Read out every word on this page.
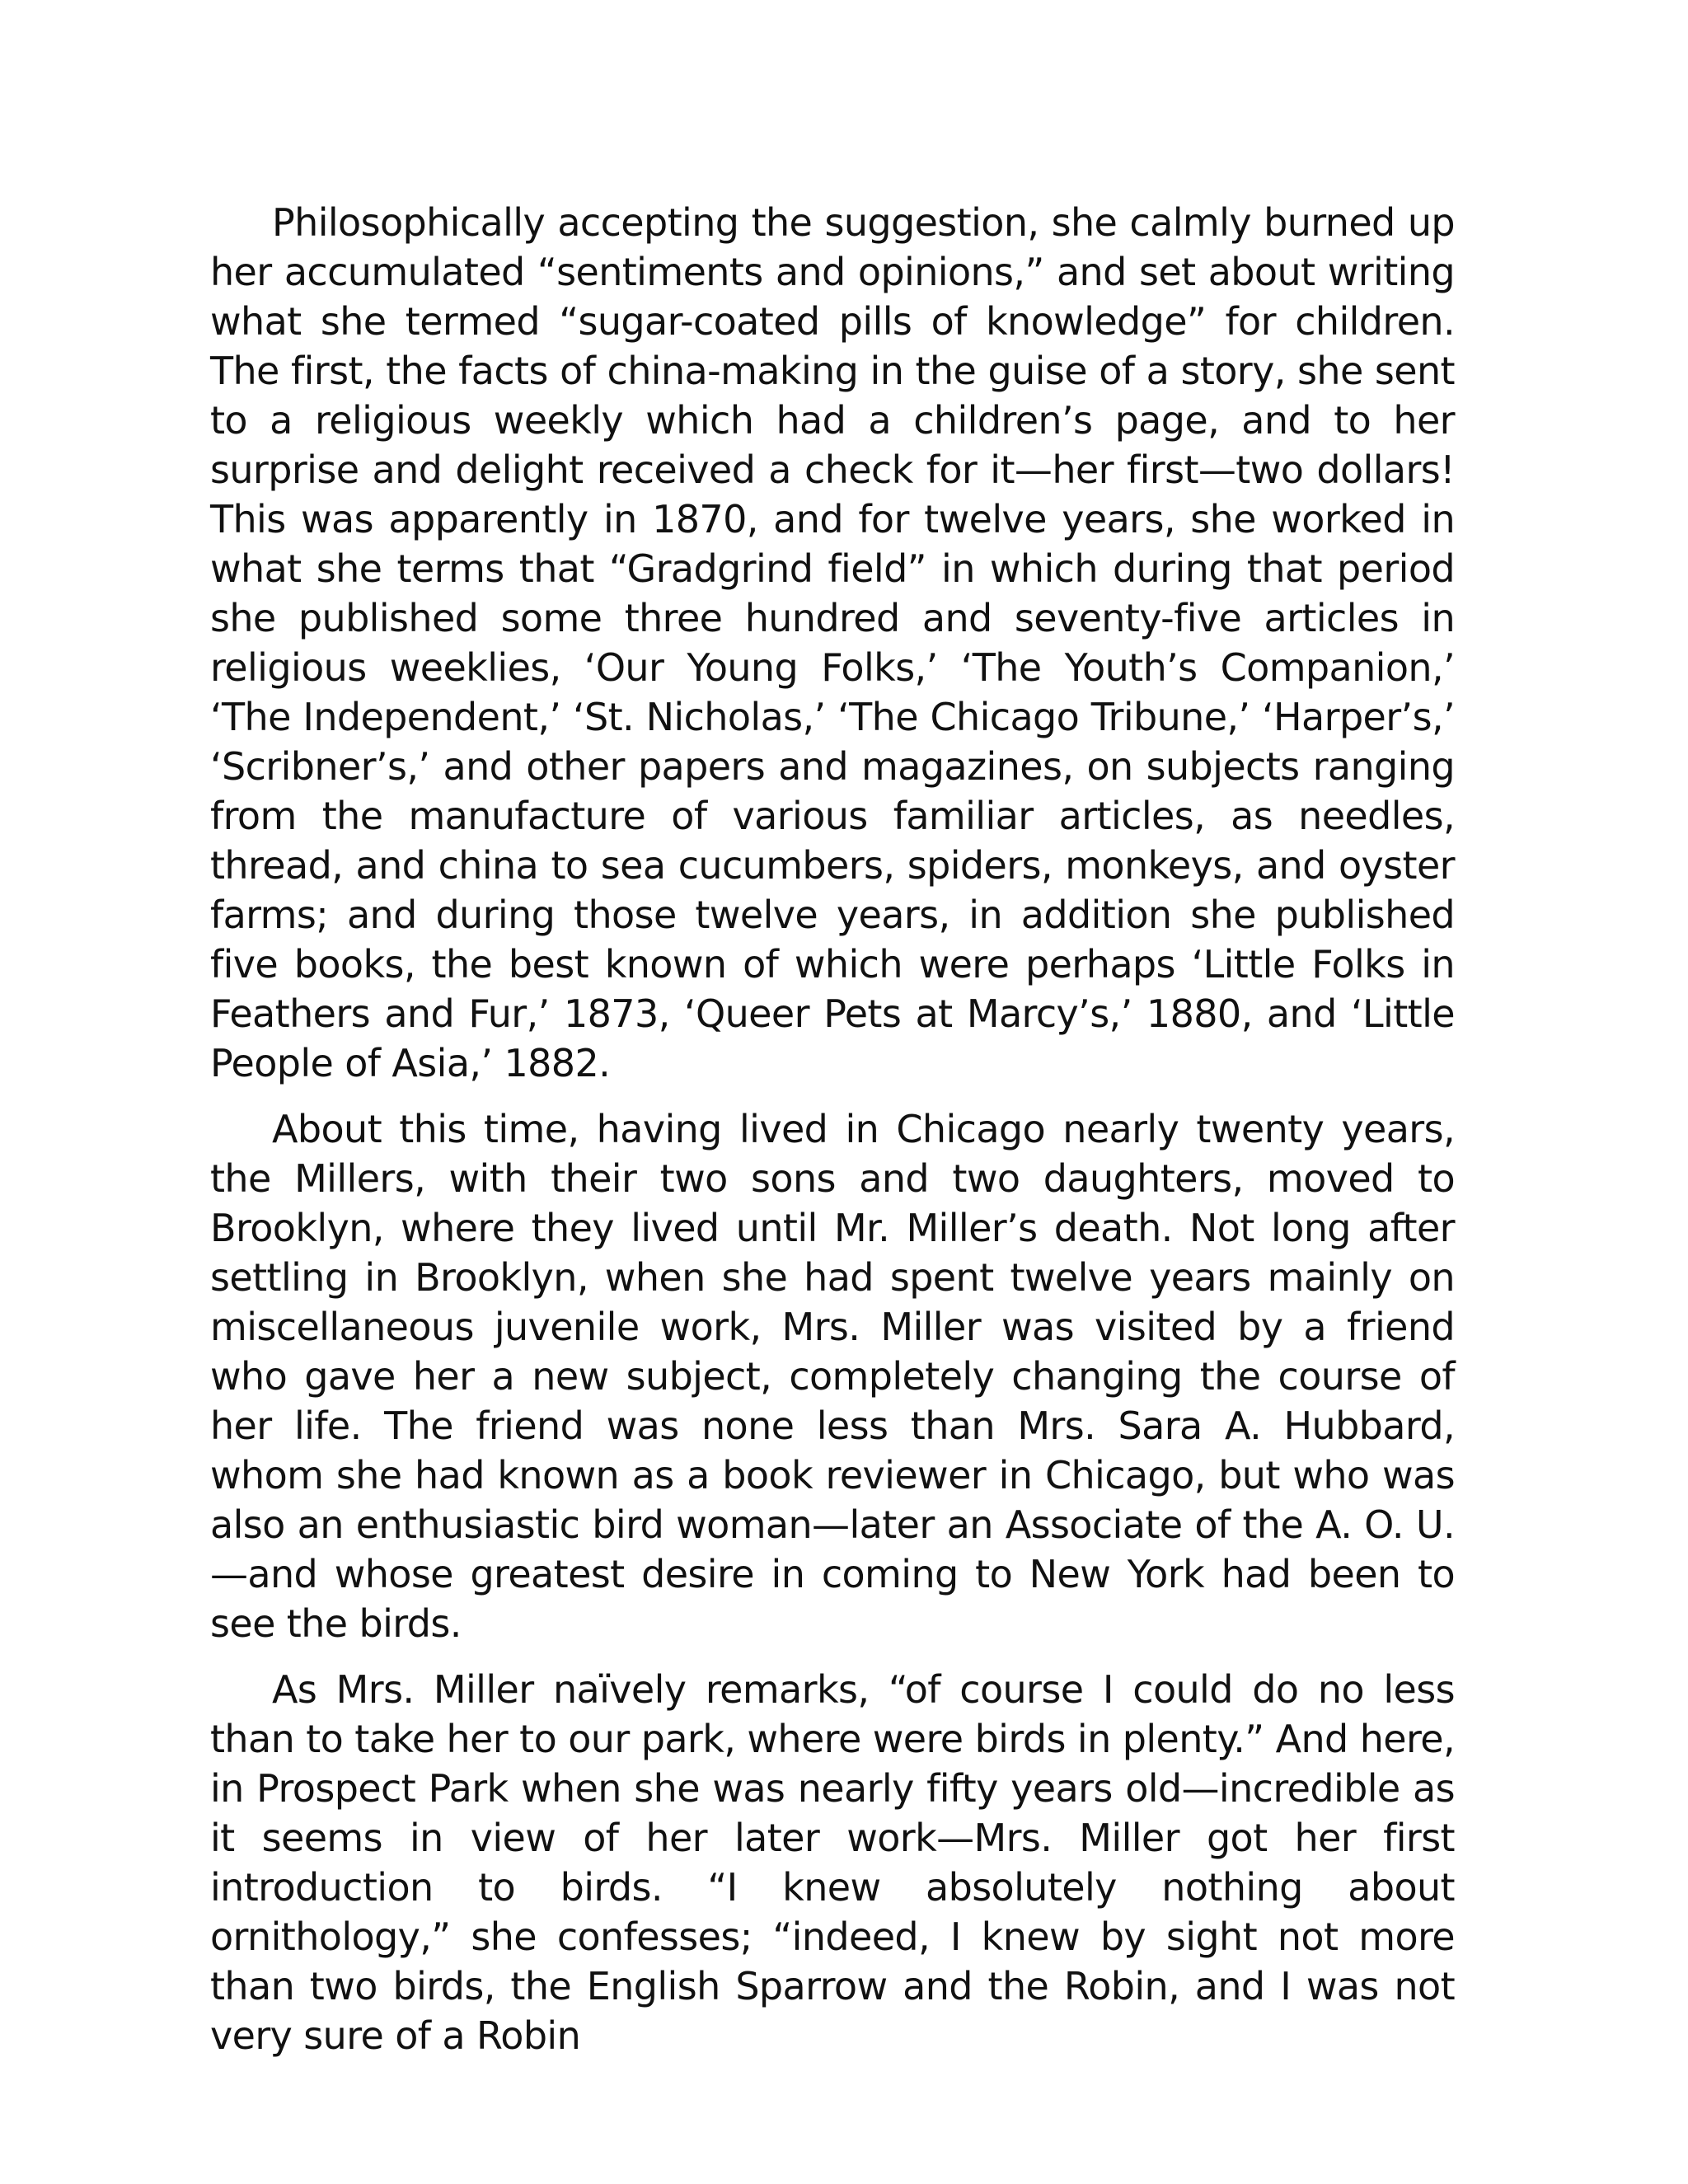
Philosophically accepting the suggestion, she calmly burned up her accumulated “sentiments and opinions,” and set about writing what she termed “sugar-coated pills of knowledge” for children. The first, the facts of china-making in the guise of a story, she sent to a religious weekly which had a children’s page, and to her surprise and delight received a check for it—her first—two dollars! This was apparently in 1870, and for twelve years, she worked in what she terms that “Gradgrind field” in which during that period she published some three hundred and seventy-five articles in religious weeklies, ‘Our Young Folks,’ ‘The Youth’s Companion,’ ‘The Independent,’ ‘St. Nicholas,’ ‘The Chicago Tribune,’ ‘Harper’s,’ ‘Scribner’s,’ and other papers and magazines, on subjects ranging from the manufacture of various familiar articles, as needles, thread, and china to sea cucumbers, spiders, monkeys, and oyster farms; and during those twelve years, in addition she published five books, the best known of which were perhaps ‘Little Folks in Feathers and Fur,’ 1873, ‘Queer Pets at Marcy’s,’ 1880, and ‘Little People of Asia,’ 1882.

About this time, having lived in Chicago nearly twenty years, the Millers, with their two sons and two daughters, moved to Brooklyn, where they lived until Mr. Miller’s death. Not long after settling in Brooklyn, when she had spent twelve years mainly on miscellaneous juvenile work, Mrs. Miller was visited by a friend who gave her a new subject, completely changing the course of her life. The friend was none less than Mrs. Sara A. Hubbard, whom she had known as a book reviewer in Chicago, but who was also an enthusiastic bird woman—later an Associate of the A. O. U.—and whose greatest desire in coming to New York had been to see the birds.

As Mrs. Miller naïvely remarks, “of course I could do no less than to take her to our park, where were birds in plenty.” And here, in Prospect Park when she was nearly fifty years old—incredible as it seems in view of her later work—Mrs. Miller got her first introduction to birds. “I knew absolutely nothing about ornithology,” she confesses; “indeed, I knew by sight not more than two birds, the English Sparrow and the Robin, and I was not very sure of a Robin
